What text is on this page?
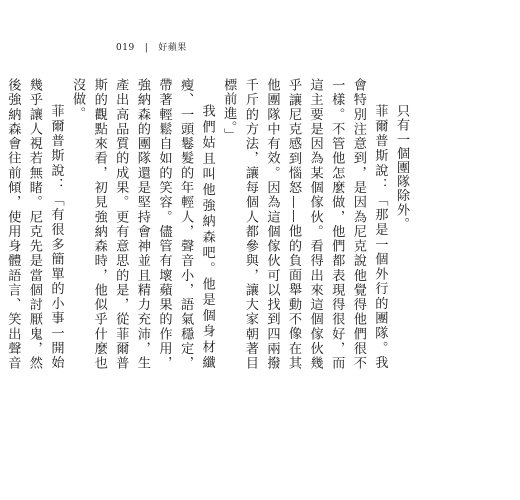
019 | 好蘋果

只有一個團隊除外。

菲爾普斯說：「那是一個外行的團隊。我會特別注意到，是因為尼克說他覺得他們很不一樣。不管他怎麼做，他們都表現得很好，而這主要是因為某個傢伙。看得出來這個傢伙幾乎讓尼克感到惱怒——他的負面舉動不像在其他團隊中有效。因為這個傢伙可以找到四兩撥千斤的方法，讓每個人都參與，讓大家朝著目標前進。」

我們姑且叫他強納森吧。他是個身材纖瘦、一頭鬈髮的年輕人，聲音小，語氣穩定，帶著輕鬆自如的笑容。儘管有壞蘋果的作用，強納森的團隊還是堅持會神並且精力充沛，生產出高品質的成果。更有意思的是，從菲爾普斯的觀點來看，初見強納森時，他似乎什麼也沒做。

菲爾普斯說：「有很多簡單的小事一開始幾乎讓人視若無睹。尼克先是當個討厭鬼，然後強納森會往前傾，使用身體語言、笑出聲音
